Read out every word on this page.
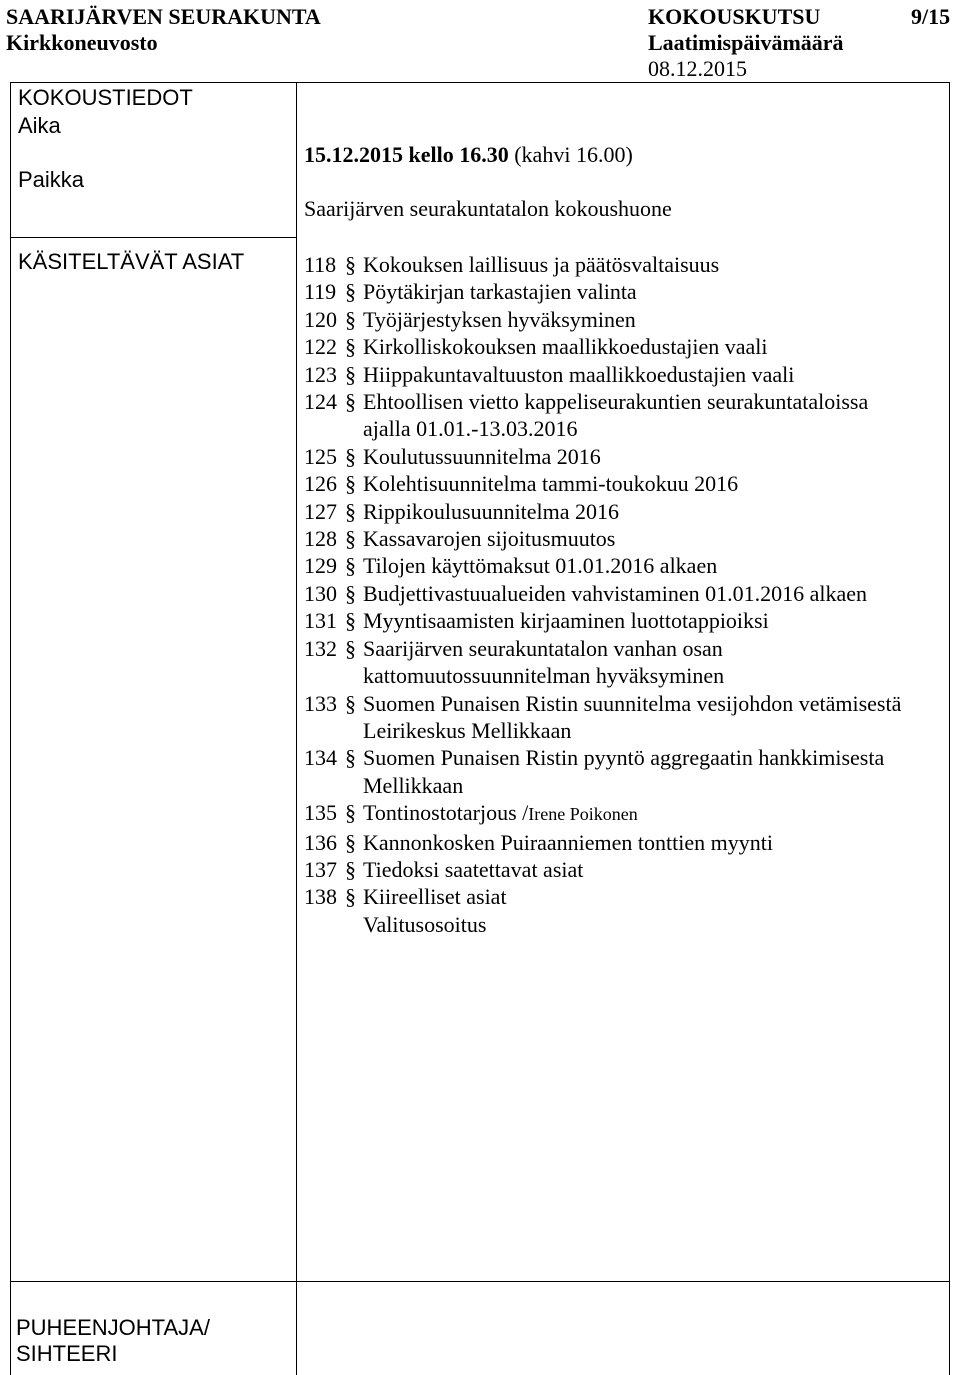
SAARIJÄRVEN SEURAKUNTA
Kirkkoneuvosto
KOKOUSKUTSU	9/15
Laatimispäivämäärä
08.12.2015
KOKOUSTIEDOT
Aika
15.12.2015 kello 16.30 (kahvi 16.00)
Paikka
Saarijärven seurakuntatalon kokoushuone
KÄSITELTÄVÄT ASIAT	118 § Kokouksen laillisuus ja päätösvaltaisuus
119 § Pöytäkirjan tarkastajien valinta
120 § Työjärjestyksen hyväksyminen
122 § Kirkolliskokouksen maallikkoedustajien vaali
123 § Hiippakuntavaltuuston maallikkoedustajien vaali
124 § Ehtoollisen vietto kappeliseurakuntien seurakuntataloissa
ajalla 01.01.-13.03.2016
125 § Koulutussuunnitelma 2016
126 § Kolehtisuunnitelma tammi-toukokuu 2016
127 § Rippikoulusuunnitelma 2016
128 § Kassavarojen sijoitusmuutos
129 § Tilojen käyttömaksut 01.01.2016 alkaen
130 § Budjettivastuualueiden vahvistaminen 01.01.2016 alkaen
131 § Myyntisaamisten kirjaaminen luottotappioiksi
132 § Saarijärven seurakuntatalon vanhan osan
kattomuutossuunnitelman hyväksyminen
133 § Suomen Punaisen Ristin suunnitelma vesijohdon vetämisestä
Leirikeskus Mellikkaan
134 § Suomen Punaisen Ristin pyyntö aggregaatin hankkimisesta
Mellikkaan
135 § Tontinostotarjous /Irene Poikonen
136 § Kannonkosken Puiraanniemen tonttien myynti
137 § Tiedoksi saatettavat asiat
138 § Kiireelliset asiat
Valitusosoitus
PUHEENJOHTAJA/
SIHTEERI
